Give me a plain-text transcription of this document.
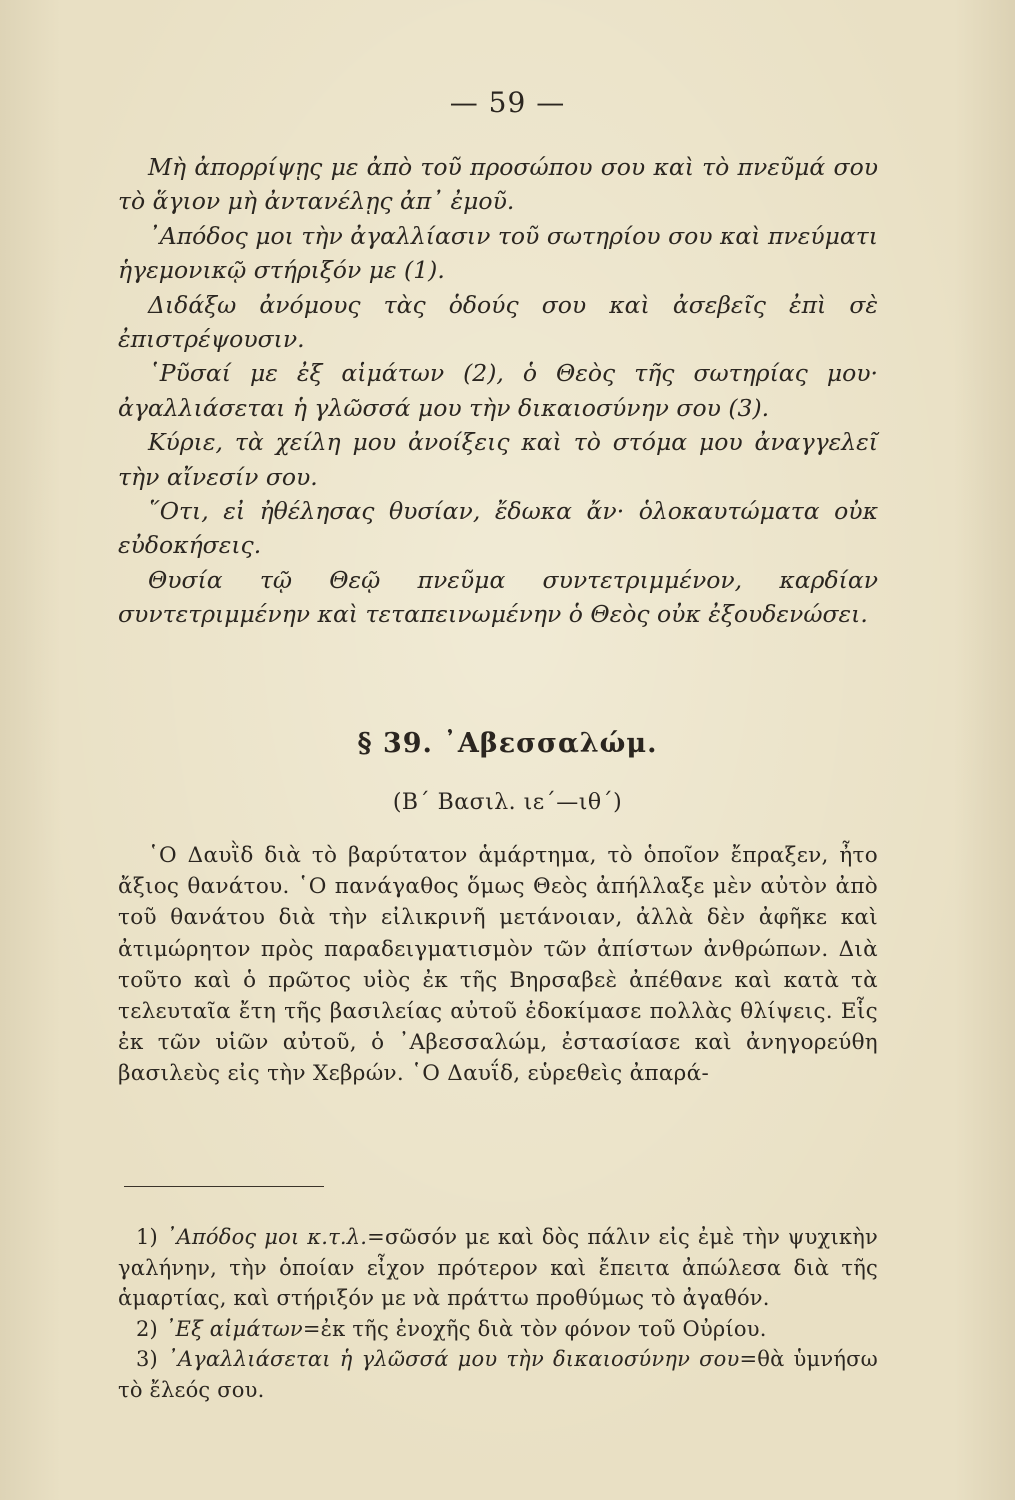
— 59 —

Μὴ ἀπορρίψῃς με ἀπὸ τοῦ προσώπου σου καὶ τὸ πνεῦμά σου τὸ ἅγιον μὴ ἀντανέλῃς ἀπ᾽ ἐμοῦ.

᾽Απόδος μοι τὴν ἀγαλλίασιν τοῦ σωτηρίου σου καὶ πνεύματι ἡγεμονικῷ στήριξόν με (1).

Διδάξω ἀνόμους τὰς ὁδούς σου καὶ ἀσεβεῖς ἐπὶ σὲ ἐπιστρέψουσιν.

῾Ρῦσαί με ἐξ αἱμάτων (2), ὁ Θεὸς τῆς σωτηρίας μου· ἀγαλλιάσεται ἡ γλῶσσά μου τὴν δικαιοσύνην σου (3).

Κύριε, τὰ χείλη μου ἀνοίξεις καὶ τὸ στόμα μου ἀναγγελεῖ τὴν αἴνεσίν σου.

῞Οτι, εἰ ἠθέλησας θυσίαν, ἔδωκα ἄν· ὁλοκαυτώματα οὐκ εὐδοκήσεις.

Θυσία τῷ Θεῷ πνεῦμα συντετριμμένον, καρδίαν συντετριμμένην καὶ τεταπεινωμένην ὁ Θεὸς οὐκ ἐξουδενώσει.

§ 39. ᾽Αβεσσαλώμ.
(Β΄ Βασιλ. ιε΄—ιθ΄)

῾Ο Δαυῒδ διὰ τὸ βαρύτατον ἁμάρτημα, τὸ ὁποῖον ἔπραξεν, ἦτο ἄξιος θανάτου. ῾Ο πανάγαθος ὅμως Θεὸς ἀπήλλαξε μὲν αὐτὸν ἀπὸ τοῦ θανάτου διὰ τὴν εἰλικρινῆ μετάνοιαν, ἀλλὰ δὲν ἀφῆκε καὶ ἀτιμώρητον πρὸς παραδειγματισμὸν τῶν ἀπίστων ἀνθρώπων. Διὰ τοῦτο καὶ ὁ πρῶτος υἱὸς ἐκ τῆς Βηρσαβεὲ ἀπέθανε καὶ κατὰ τὰ τελευταῖα ἔτη τῆς βασιλείας αὐτοῦ ἐδοκίμασε πολλὰς θλίψεις. Εἷς ἐκ τῶν υἱῶν αὐτοῦ, ὁ ᾽Αβεσσαλώμ, ἐστασίασε καὶ ἀνηγορεύθη βασιλεὺς εἰς τὴν Χεβρών. ῾Ο Δαυΐδ, εὑρεθεὶς ἀπαρά-

1) ᾽Απόδος μοι κ.τ.λ.=σῶσόν με καὶ δὸς πάλιν εἰς ἐμὲ τὴν ψυχικὴν γαλήνην, τὴν ὁποίαν εἶχον πρότερον καὶ ἔπειτα ἀπώλεσα διὰ τῆς ἁμαρτίας, καὶ στήριξόν με νὰ πράττω προθύμως τὸ ἀγαθόν.

2) ᾽Εξ αἱμάτων=ἐκ τῆς ἐνοχῆς διὰ τὸν φόνον τοῦ Οὐρίου.

3) ᾽Αγαλλιάσεται ἡ γλῶσσά μου τὴν δικαιοσύνην σου=θὰ ὑμνήσω τὸ ἔλεός σου.
